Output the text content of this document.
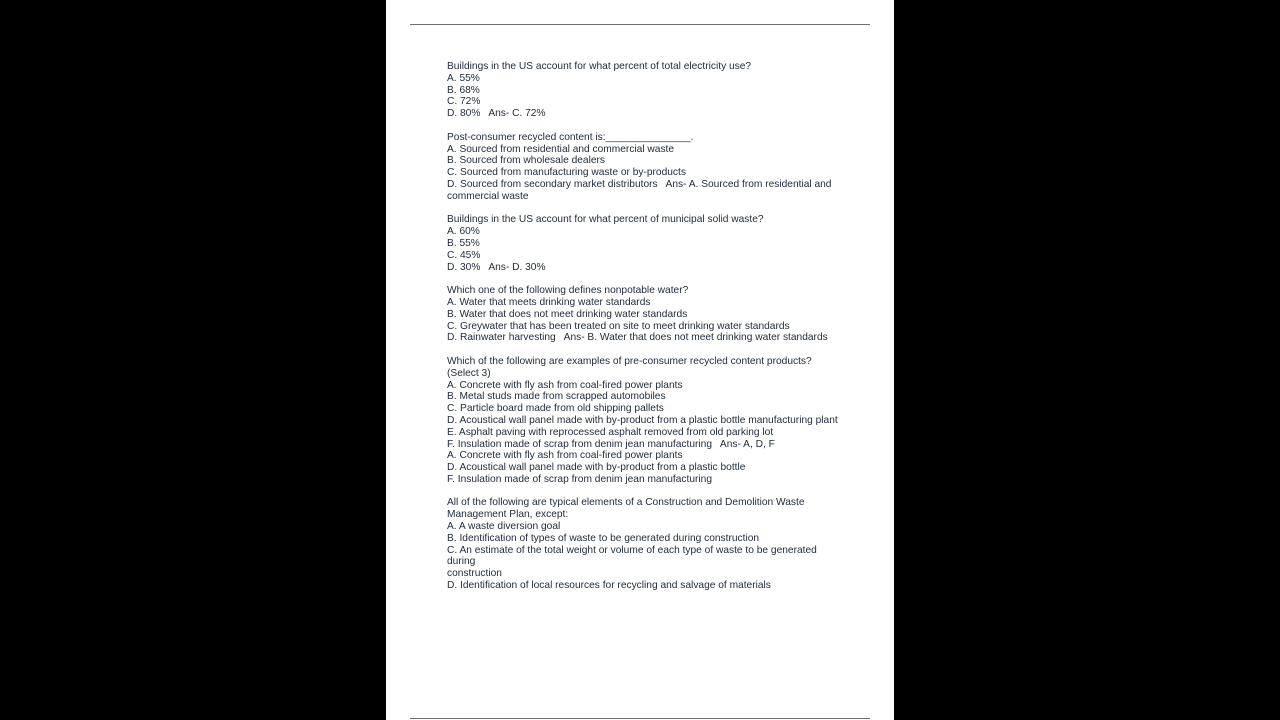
Buildings in the US account for what percent of total electricity use?
A. 55%
B. 68%
C. 72%
D. 80%   Ans- C. 72%
Post-consumer recycled content is:_______________.
A. Sourced from residential and commercial waste
B. Sourced from wholesale dealers
C. Sourced from manufacturing waste or by-products
D. Sourced from secondary market distributors   Ans- A. Sourced from residential and
commercial waste
Buildings in the US account for what percent of municipal solid waste?
A. 60%
B. 55%
C. 45%
D. 30%   Ans- D. 30%
Which one of the following defines nonpotable water?
A. Water that meets drinking water standards
B. Water that does not meet drinking water standards
C. Greywater that has been treated on site to meet drinking water standards
D. Rainwater harvesting   Ans- B. Water that does not meet drinking water standards
Which of the following are examples of pre-consumer recycled content products?
(Select 3)
A. Concrete with fly ash from coal-fired power plants
B. Metal studs made from scrapped automobiles
C. Particle board made from old shipping pallets
D. Acoustical wall panel made with by-product from a plastic bottle manufacturing plant
E. Asphalt paving with reprocessed asphalt removed from old parking lot
F. Insulation made of scrap from denim jean manufacturing   Ans- A, D, F
A. Concrete with fly ash from coal-fired power plants
D. Acoustical wall panel made with by-product from a plastic bottle
F. Insulation made of scrap from denim jean manufacturing
All of the following are typical elements of a Construction and Demolition Waste
Management Plan, except:
A. A waste diversion goal
B. Identification of types of waste to be generated during construction
C. An estimate of the total weight or volume of each type of waste to be generated
during
construction
D. Identification of local resources for recycling and salvage of materials
